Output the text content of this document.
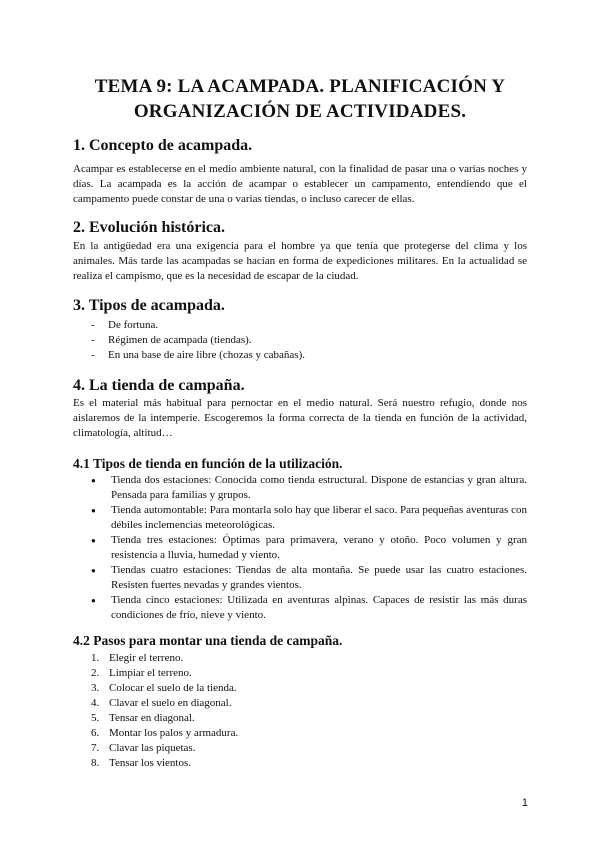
TEMA 9: LA ACAMPADA. PLANIFICACIÓN Y
ORGANIZACIÓN DE ACTIVIDADES.
1. Concepto de acampada.

Acampar es establecerse en el medio ambiente natural, con la finalidad de pasar una o varias noches y días. La acampada es la acción de acampar o establecer un campamento, entendiendo que el campamento puede constar de una o varias tiendas, o incluso carecer de ellas.

2. Evolución histórica.

En la antigüedad era una exigencia para el hombre ya que tenía que protegerse del clima y los animales. Más tarde las acampadas se hacían en forma de expediciones militares. En la actualidad se realiza el campismo, que es la necesidad de escapar de la ciudad.

3. Tipos de acampada.
- De fortuna.
- Régimen de acampada (tiendas).
- En una base de aire libre (chozas y cabañas).
4. La tienda de campaña.

Es el material más habitual para pernoctar en el medio natural. Será nuestro refugio, donde nos aislaremos de la intemperie. Escogeremos la forma correcta de la tienda en función de la actividad, climatología, altitud…

4.1 Tipos de tienda en función de la utilización.
● Tienda dos estaciones: Conocida como tienda estructural. Dispone de estancias y gran altura. Pensada para familias y grupos.
● Tienda automontable: Para montarla solo hay que liberar el saco. Para pequeñas aventuras con débiles inclemencias meteorológicas.
● Tienda tres estaciones: Óptimas para primavera, verano y otoño. Poco volumen y gran resistencia a lluvia, humedad y viento.
● Tiendas cuatro estaciones: Tiendas de alta montaña. Se puede usar las cuatro estaciones. Resisten fuertes nevadas y grandes vientos.
● Tienda cinco estaciones: Utilizada en aventuras alpinas. Capaces de resistir las más duras condiciones de frío, nieve y viento.
4.2 Pasos para montar una tienda de campaña.
1. Elegir el terreno.
2. Limpiar el terreno.
3. Colocar el suelo de la tienda.
4. Clavar el suelo en diagonal.
5. Tensar en diagonal.
6. Montar los palos y armadura.
7. Clavar las piquetas.
8. Tensar los vientos.
1
